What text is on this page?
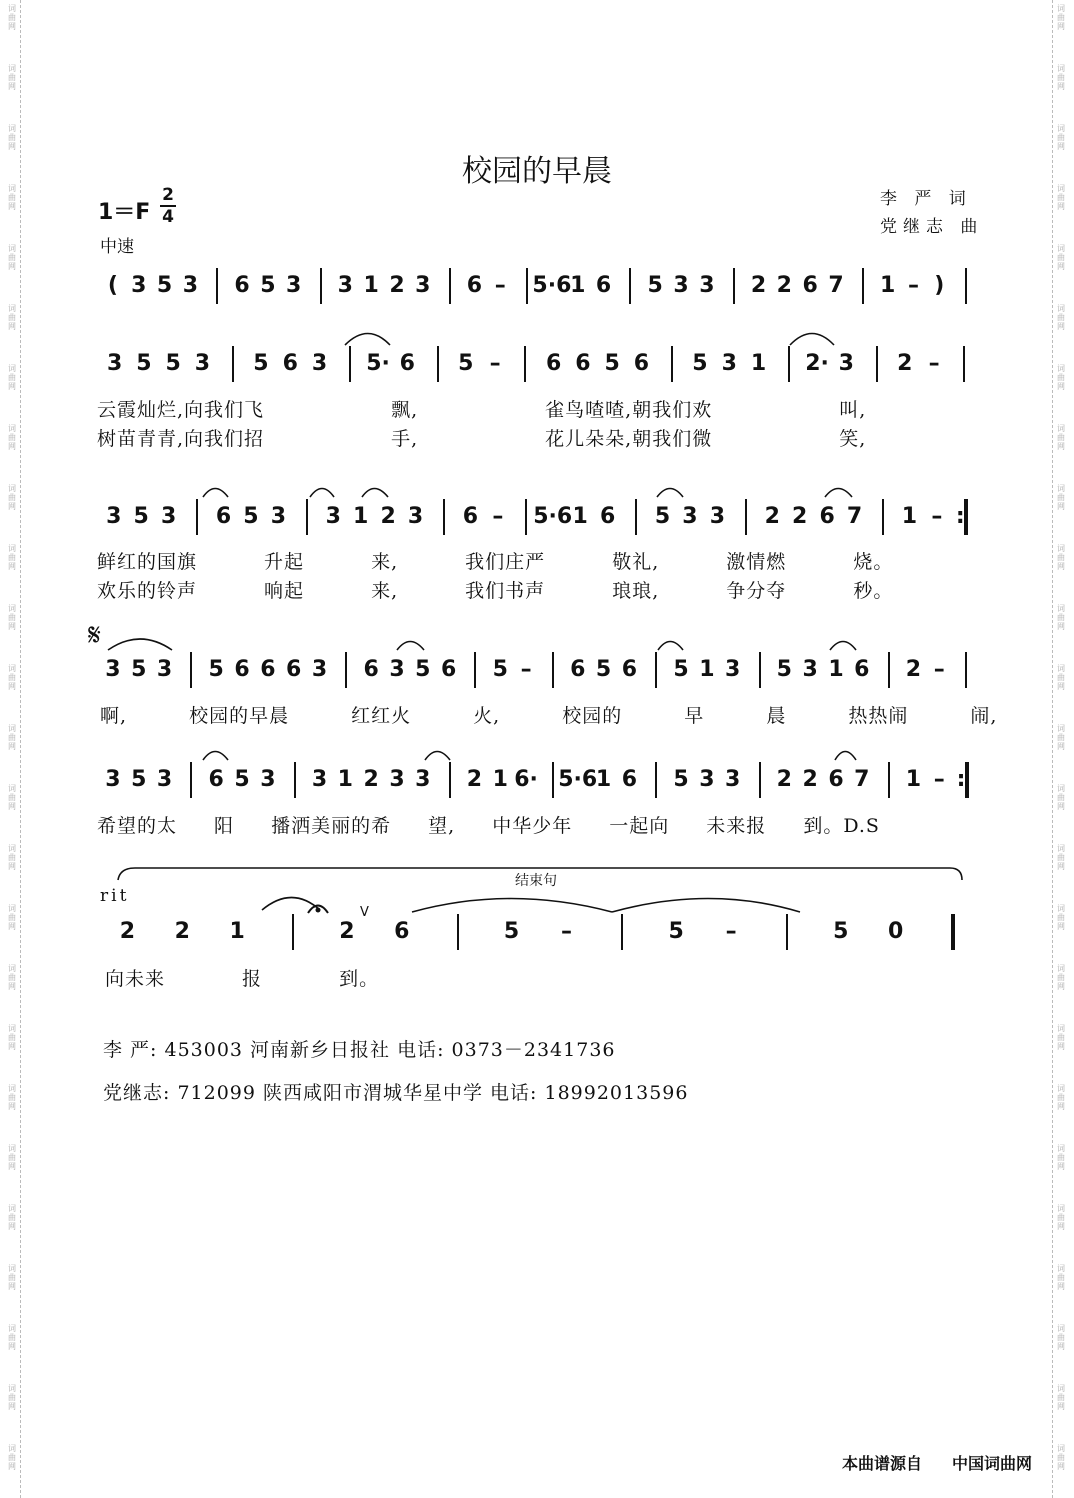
词
曲
网
词
曲
网
词
曲
网
词
曲
网
词
曲
网
词
曲
网
词
曲
网
词
曲
网
词
曲
网
词
曲
网
词
曲
网
词
曲
网
词
曲
网
词
曲
网
词
曲
网
词
曲
网
词
曲
网
词
曲
网
词
曲
网
词
曲
网
词
曲
网
词
曲
网
词
曲
网
词
曲
网
词
曲
网
词
曲
网
词
曲
网
词
曲
网
词
曲
网
词
曲
网
词
曲
网
词
曲
网
词
曲
网
词
曲
网
词
曲
网
词
曲
网
词
曲
网
词
曲
网
词
曲
网
词
曲
网
词
曲
网
词
曲
网
词
曲
网
词
曲
网
词
曲
网
词
曲
网
词
曲
网
词
曲
网
词
曲
网
词
曲
网
校园的早晨
李 严 词
党继志 曲
1＝F
2
4
中速
( 3 5 3 6 5 3 3 1 2 3 6 – 5·6
1 6 5 3 3 2 2 6 7 1 – )
3 5 5 3 5 6 3	5· 6 5 – 6 6 5 6 5 3 1	2· 3 2 –
3 5 3 6 5 3 3 1 2 3 6 – 5·6 1 6 5 3 3 2 2 6 7 1 – :
3 5 3 5 6 6 6 3 6 3 5 6 5 – 6 5 6 5 1 3 5 3 1 6 2 –
3 5 3 6 5 3 3 1 2 3 3 2 1 6· 5·6
1 6 5 3 3 2 2 6 7 1 – :
2 2 1	2 6	5 –	5 –	5 0
𝄋
rit
结束句
V
云霞灿烂,向我们飞 飘, 雀鸟喳喳,朝我们欢 叫,
树苗青青,向我们招 手, 花儿朵朵,朝我们微 笑,
鲜红的国旗 升起 来, 我们庄严 敬礼, 激情燃 烧。
欢乐的铃声 响起 来, 我们书声 琅琅, 争分夺 秒。
啊, 校园的早晨 红红火 火, 校园的 早 晨 热热闹 闹,
希望的太 阳 播洒美丽的希 望, 中华少年 一起向 未来报 到。D.S
向未来 报 到。
李 严: 453003 河南新乡日报社 电话: 0373－2341736
党继志: 712099 陕西咸阳市渭城华星中学 电话: 18992013596
本曲谱源自 中国词曲网
